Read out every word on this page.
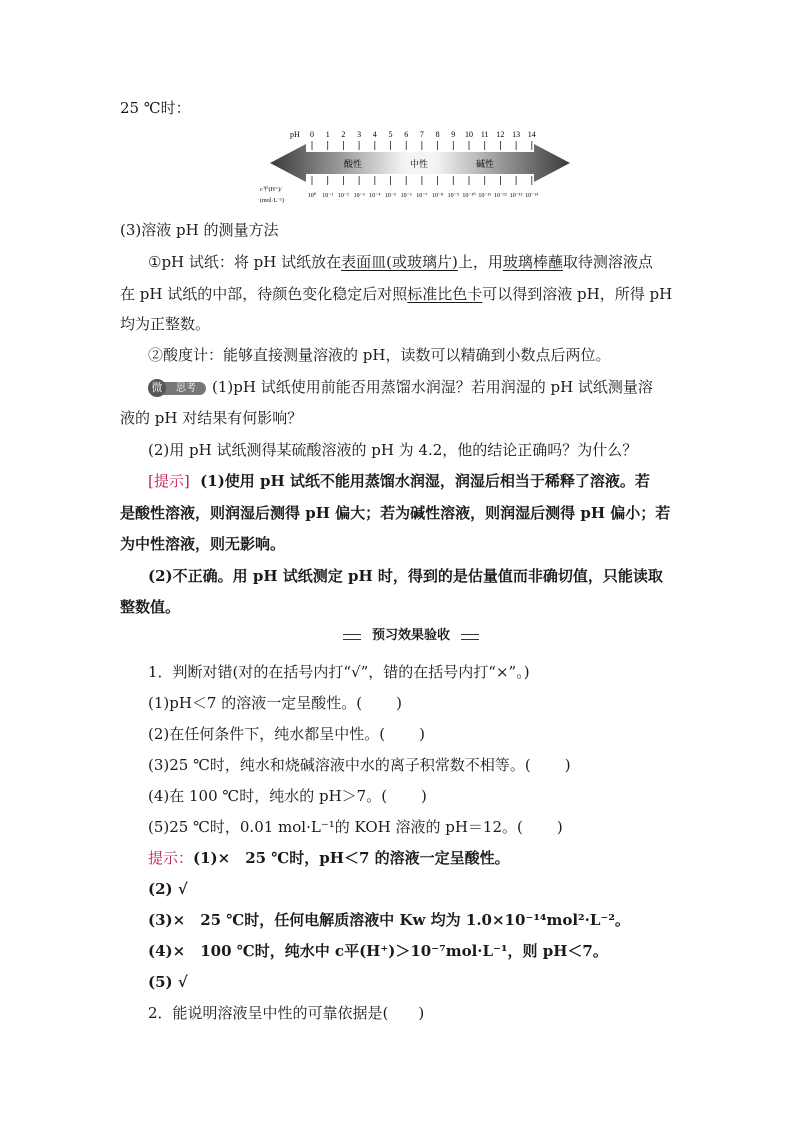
25 ℃时：
pH 0 1 2 3 4 5 6 7 8 9 10 11 12 13 14
酸性	中性	碱性
c平(H⁺)/
(mol·L⁻¹)
10⁰ 10⁻¹ 10⁻² 10⁻³ 10⁻⁴ 10⁻⁵ 10⁻⁶ 10⁻⁷ 10⁻⁸ 10⁻⁹ 10⁻¹⁰ 10⁻¹¹ 10⁻¹² 10⁻¹³ 10⁻¹⁴
(3)溶液 pH 的测量方法
①pH 试纸：将 pH 试纸放在表面皿(或玻璃片)上，用玻璃棒蘸取待测溶液点
在 pH 试纸的中部，待颜色变化稳定后对照标准比色卡可以得到溶液 pH，所得 pH
均为正整数。
②酸度计：能够直接测量溶液的 pH，读数可以精确到小数点后两位。
思考
微	(1)pH 试纸使用前能否用蒸馏水润湿？若用润湿的 pH 试纸测量溶
液的 pH 对结果有何影响？
(2)用 pH 试纸测得某硫酸溶液的 pH 为 4.2，他的结论正确吗？为什么？
[提示] (1)使用 pH 试纸不能用蒸馏水润湿，润湿后相当于稀释了溶液。若
是酸性溶液，则润湿后测得 pH 偏大；若为碱性溶液，则润湿后测得 pH 偏小；若
为中性溶液，则无影响。
(2)不正确。用 pH 试纸测定 pH 时，得到的是估量值而非确切值，只能读取
整数值。
预习效果验收
1．判断对错(对的在括号内打“√”，错的在括号内打“×”。)
(1)pH＜7 的溶液一定呈酸性。( )
(2)在任何条件下，纯水都呈中性。( )
(3)25 ℃时，纯水和烧碱溶液中水的离子积常数不相等。( )
(4)在 100 ℃时，纯水的 pH＞7。( )
(5)25 ℃时，0.01 mol·L⁻¹的 KOH 溶液的 pH＝12。( )
提示：(1)×　25 ℃时，pH＜7 的溶液一定呈酸性。
(2) √
(3)×　25 ℃时，任何电解质溶液中 Kw 均为 1.0×10⁻¹⁴mol²·L⁻²。
(4)×　100 ℃时，纯水中 c平(H⁺)＞10⁻⁷mol·L⁻¹，则 pH＜7。
(5) √
2．能说明溶液呈中性的可靠依据是(　　)
